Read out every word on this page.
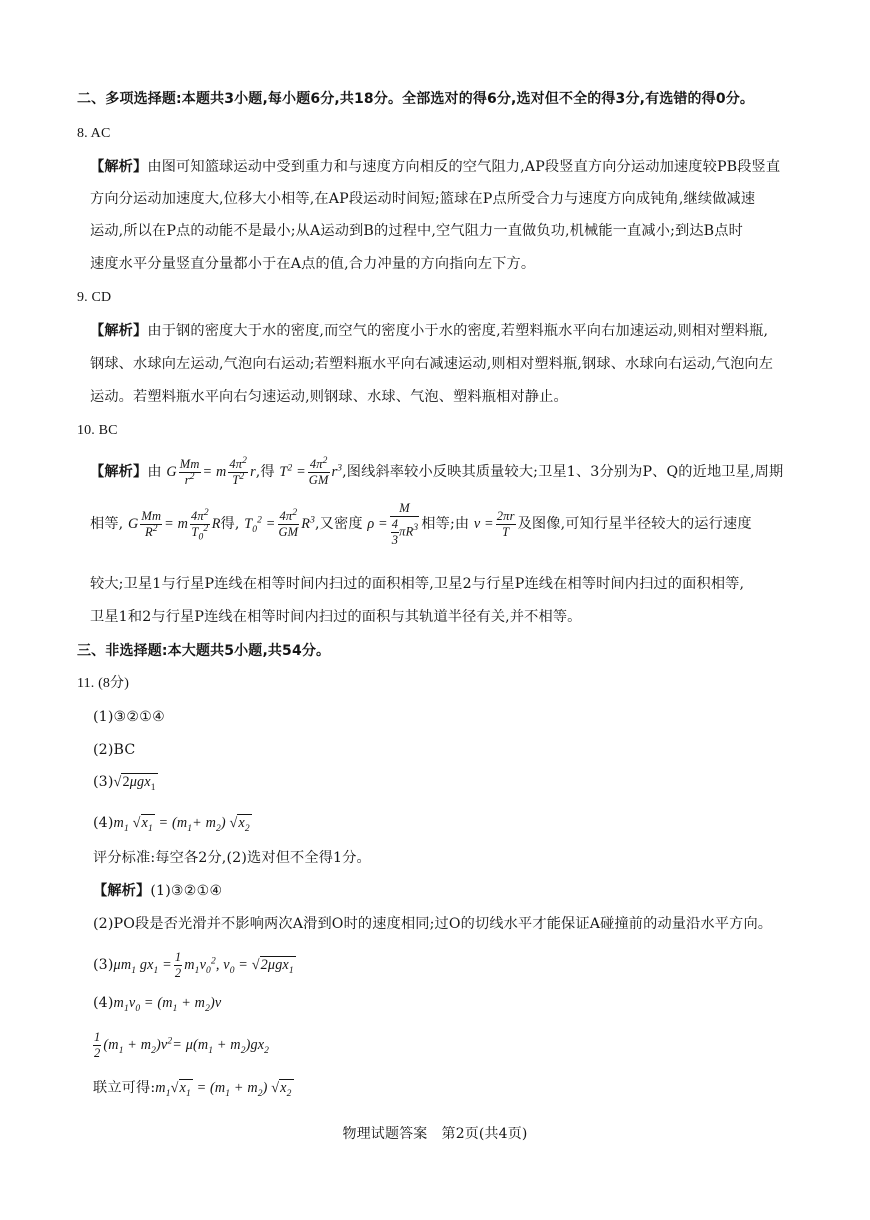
二、多项选择题:本题共3小题,每小题6分,共18分。全部选对的得6分,选对但不全的得3分,有选错的得0分。
8. AC
【解析】由图可知篮球运动中受到重力和与速度方向相反的空气阻力,AP段竖直方向分运动加速度较PB段竖直
方向分运动加速度大,位移大小相等,在AP段运动时间短;篮球在P点所受合力与速度方向成钝角,继续做减速
运动,所以在P点的动能不是最小;从A运动到B的过程中,空气阻力一直做负功,机械能一直减小;到达B点时
速度水平分量竖直分量都小于在A点的值,合力冲量的方向指向左下方。
9. CD
【解析】由于钢的密度大于水的密度,而空气的密度小于水的密度,若塑料瓶水平向右加速运动,则相对塑料瓶,
钢球、水球向左运动,气泡向右运动;若塑料瓶水平向右减速运动,则相对塑料瓶,钢球、水球向右运动,气泡向左
运动。若塑料瓶水平向右匀速运动,则钢球、水球、气泡、塑料瓶相对静止。
10. BC
【解析】由 G $\frac{Mm}{r^2} = m \frac{4\pi^2}{T^2} r$,得 $T^2 = \frac{4\pi^2}{GM} r^3$,图线斜率较小反映其质量较大;卫星1、3分别为P、Q的近地卫星,周期
相等, G $\frac{Mm}{R^2} = m \frac{4\pi^2}{T_0^2}$ R得, $T_0^2 = \frac{4\pi^2}{GM} R^3$,又密度 $\rho = \frac{M}{\frac{4}{3} \pi R^3}$ 相等;由 $v = \frac{2\pi r}{T}$ 及图像,可知行星半径较大的运行速度
较大;卫星1与行星P连线在相等时间内扫过的面积相等,卫星2与行星P连线在相等时间内扫过的面积相等,
卫星1和2与行星P连线在相等时间内扫过的面积与其轨道半径有关,并不相等。
三、非选择题:本大题共5小题,共54分。
11. (8分)
(1)③②①④
(2)BC
(3)√2μgx$_1$
$(4)m_1$ $√x_1 = (m_1+ m_2)$ $√x_2$
评分标准:每空各2分,(2)选对但不全得1分。
【解析】(1)③②①④
(2)PO段是否光滑并不影响两次A滑到O时的速度相同;过O的切线水平才能保证A碰撞前的动量沿水平方向。
$(3)\mu m_1$ $gx_1 = \frac{1}{2} m_1v_0^2$, $v_0 = √2\mu gx_1$
$(4)m_1v_0 = (m_1 + m_2)v$
$\frac{1}{2} (m_1 + m_2)v^2= \mu(m_1 + m_2)gx_2$
联立可得$:m_1√x_1 = (m_1 + m_2)$ $√x_2$
物理试题答案　第2页(共4页)
